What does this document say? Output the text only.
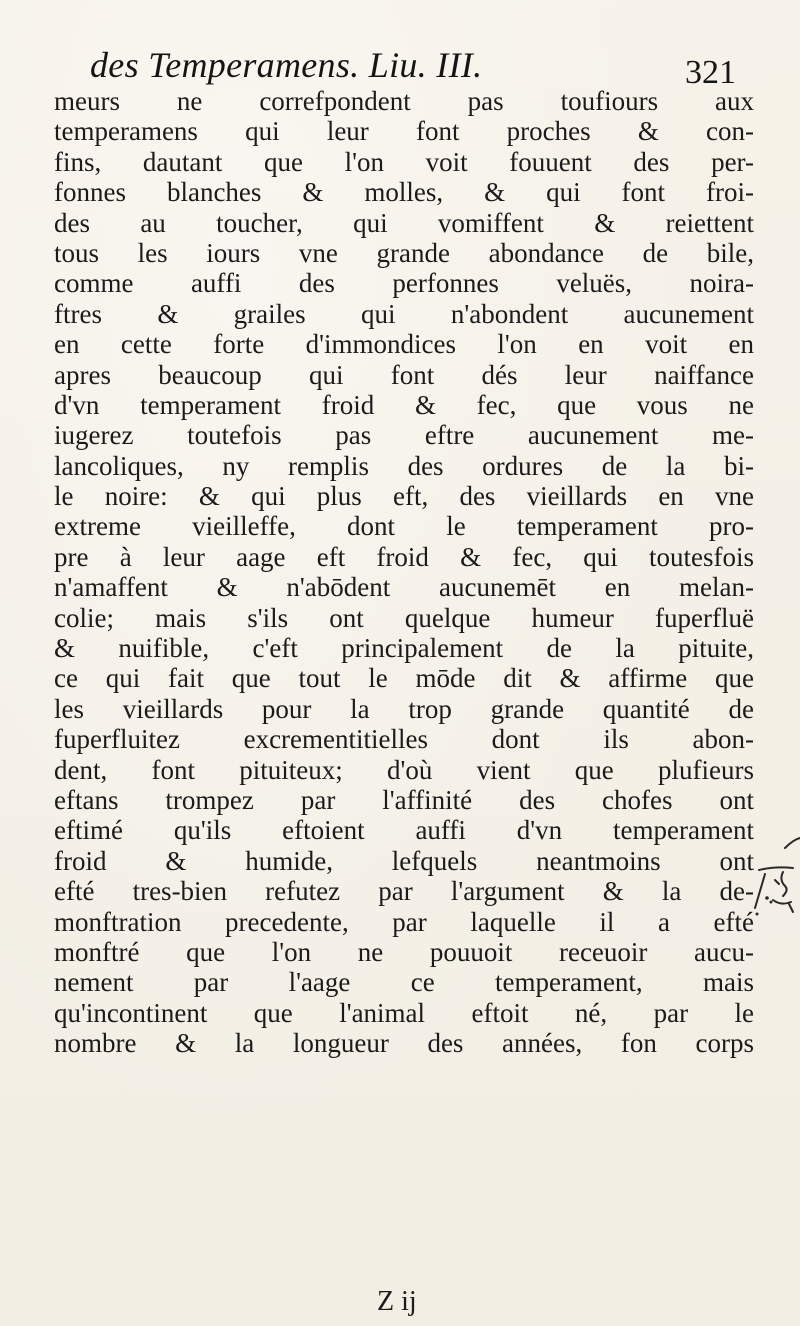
des Temperamens. Liu. III.	321
meurs ne correfpondent pas toufiours aux
temperamens qui leur font proches & con-
fins, dautant que l'on voit fouuent des per-
fonnes blanches & molles, & qui font froi-
des au toucher, qui vomiffent & reiettent
tous les iours vne grande abondance de bile,
comme auffi des perfonnes veluës, noira-
ftres & grailes qui n'abondent aucunement
en cette forte d'immondices l'on en voit en
apres beaucoup qui font dés leur naiffance
d'vn temperament froid & fec, que vous ne
iugerez toutefois pas eftre aucunement me-
lancoliques, ny remplis des ordures de la bi-
le noire: & qui plus eft, des vieillards en vne
extreme vieilleffe, dont le temperament pro-
pre à leur aage eft froid & fec, qui toutesfois
n'amaffent & n'abōdent aucunemēt en melan-
colie; mais s'ils ont quelque humeur fuperfluë
& nuifible, c'eft principalement de la pituite,
ce qui fait que tout le mōde dit & affirme que
les vieillards pour la trop grande quantité de
fuperfluitez excrementitielles dont ils abon-
dent, font pituiteux; d'où vient que plufieurs
eftans trompez par l'affinité des chofes ont
eftimé qu'ils eftoient auffi d'vn temperament
froid & humide, lefquels neantmoins ont
efté tres-bien refutez par l'argument & la de-
monftration precedente, par laquelle il a efté
monftré que l'on ne pouuoit receuoir aucu-
nement par l'aage ce temperament, mais
qu'incontinent que l'animal eftoit né, par le
nombre & la longueur des années, fon corps
Z ij
